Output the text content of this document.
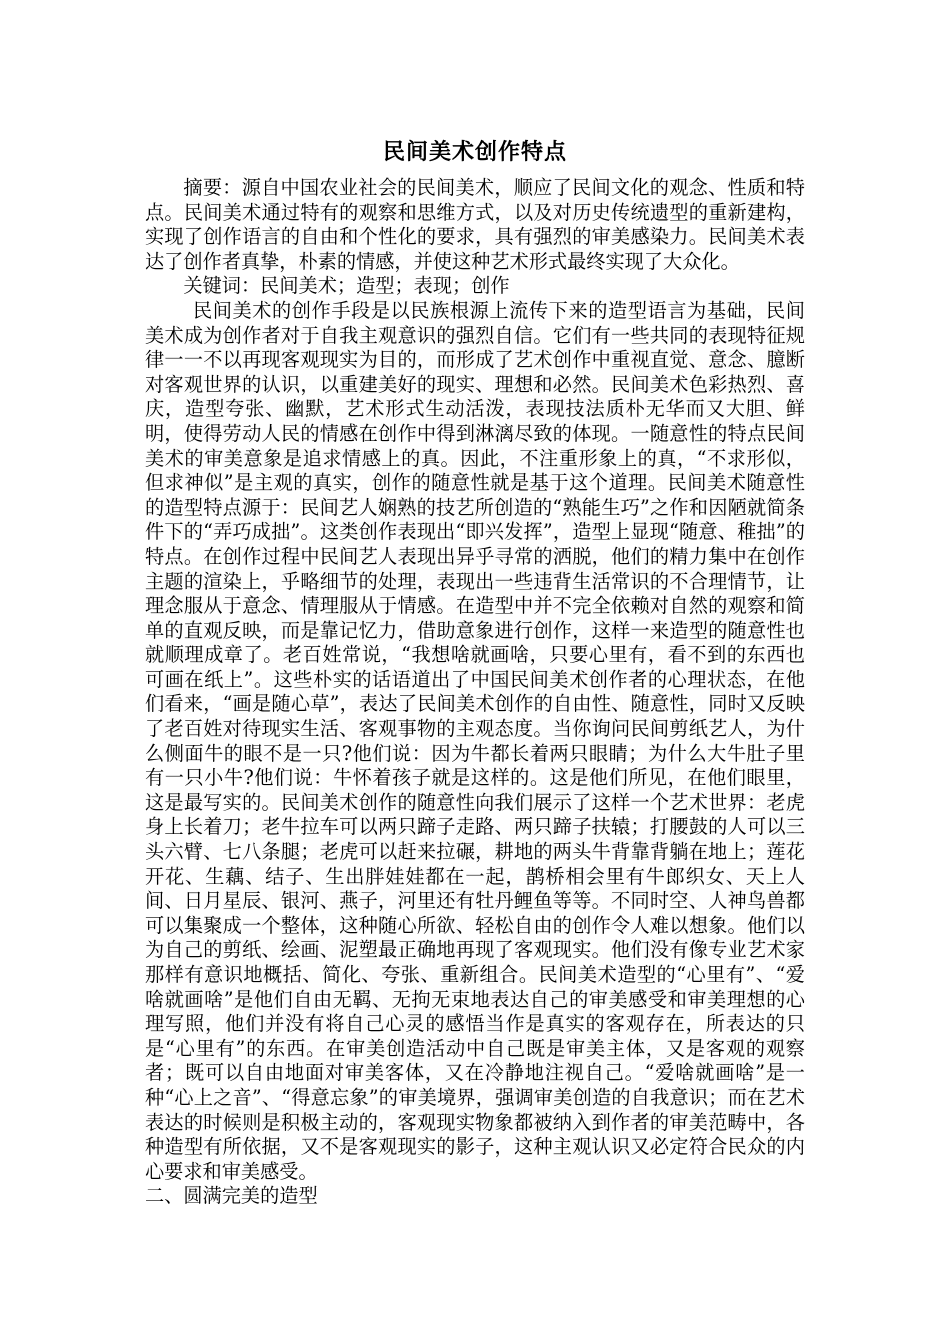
民间美术创作特点

摘要：源自中国农业社会的民间美术，顺应了民间文化的观念、性质和特点。民间美术通过特有的观察和思维方式，以及对历史传统遗型的重新建构，实现了创作语言的自由和个性化的要求，具有强烈的审美感染力。民间美术表达了创作者真挚，朴素的情感，并使这种艺术形式最终实现了大众化。

关键词：民间美术；造型；表现；创作

民间美术的创作手段是以民族根源上流传下来的造型语言为基础，民间美术成为创作者对于自我主观意识的强烈自信。它们有一些共同的表现特征规律一一不以再现客观现实为目的，而形成了艺术创作中重视直觉、意念、臆断对客观世界的认识，以重建美好的现实、理想和必然。民间美术色彩热烈、喜庆，造型夸张、幽默，艺术形式生动活泼，表现技法质朴无华而又大胆、鲜明，使得劳动人民的情感在创作中得到淋漓尽致的体现。一随意性的特点民间美术的审美意象是追求情感上的真。因此，不注重形象上的真，“不求形似，但求神似”是主观的真实，创作的随意性就是基于这个道理。民间美术随意性的造型特点源于：民间艺人娴熟的技艺所创造的“熟能生巧”之作和因陋就简条件下的“弄巧成拙”。这类创作表现出“即兴发挥”，造型上显现“随意、稚拙”的特点。在创作过程中民间艺人表现出异乎寻常的洒脱，他们的精力集中在创作主题的渲染上，乎略细节的处理，表现出一些违背生活常识的不合理情节，让理念服从于意念、情理服从于情感。在造型中并不完全依赖对自然的观察和简单的直观反映，而是靠记忆力，借助意象进行创作，这样一来造型的随意性也就顺理成章了。老百姓常说，“我想啥就画啥，只要心里有，看不到的东西也可画在纸上”。这些朴实的话语道出了中国民间美术创作者的心理状态，在他们看来，“画是随心草”，表达了民间美术创作的自由性、随意性，同时又反映了老百姓对待现实生活、客观事物的主观态度。当你询问民间剪纸艺人，为什么侧面牛的眼不是一只?他们说：因为牛都长着两只眼睛；为什么大牛肚子里有一只小牛?他们说：牛怀着孩子就是这样的。这是他们所见，在他们眼里，这是最写实的。民间美术创作的随意性向我们展示了这样一个艺术世界：老虎身上长着刀；老牛拉车可以两只蹄子走路、两只蹄子扶辕；打腰鼓的人可以三头六臂、七八条腿；老虎可以赶来拉碾，耕地的两头牛背靠背躺在地上；莲花开花、生藕、结子、生出胖娃娃都在一起，鹊桥相会里有牛郎织女、天上人间、日月星辰、银河、燕子，河里还有牡丹鲤鱼等等。不同时空、人神鸟兽都可以集聚成一个整体，这种随心所欲、轻松自由的创作令人难以想象。他们以为自己的剪纸、绘画、泥塑最正确地再现了客观现实。他们没有像专业艺术家那样有意识地概括、简化、夸张、重新组合。民间美术造型的“心里有”、“爱啥就画啥”是他们自由无羁、无拘无束地表达自己的审美感受和审美理想的心理写照，他们并没有将自己心灵的感悟当作是真实的客观存在，所表达的只是“心里有”的东西。在审美创造活动中自己既是审美主体，又是客观的观察者；既可以自由地面对审美客体，又在冷静地注视自己。“爱啥就画啥”是一种“心上之音”、“得意忘象”的审美境界，强调审美创造的自我意识；而在艺术表达的时候则是积极主动的，客观现实物象都被纳入到作者的审美范畴中，各种造型有所依据，又不是客观现实的影子，这种主观认识又必定符合民众的内心要求和审美感受。

二、圆满完美的造型
